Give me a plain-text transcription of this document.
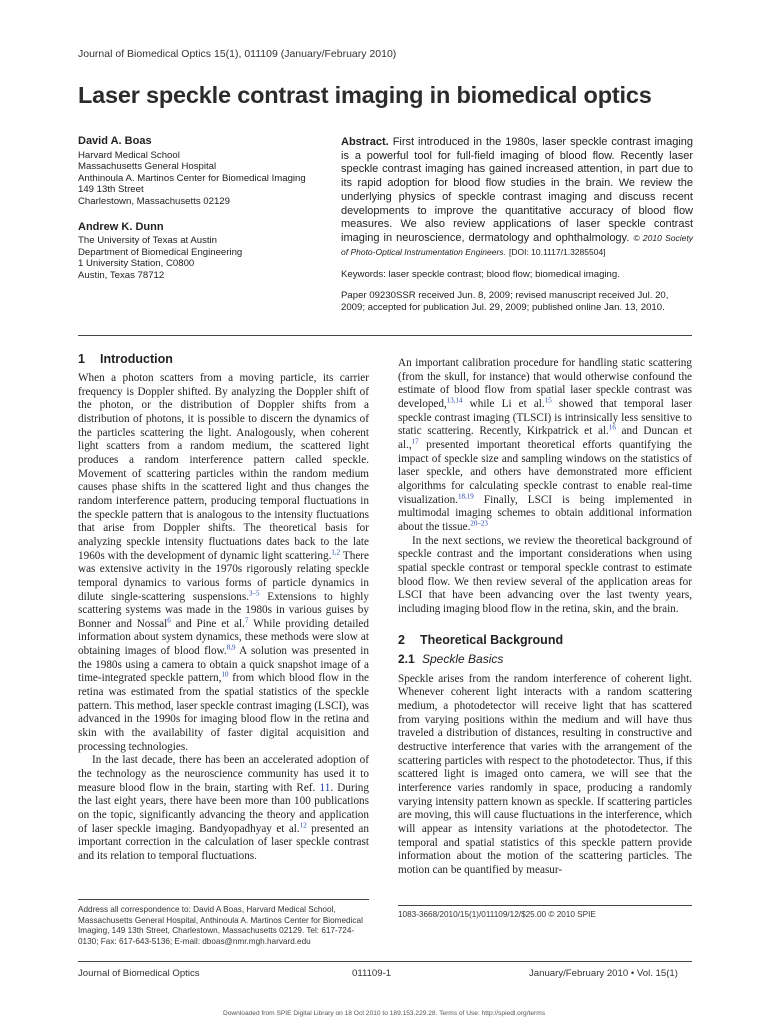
Journal of Biomedical Optics 15(1), 011109 (January/February 2010)
Laser speckle contrast imaging in biomedical optics
David A. Boas
Harvard Medical School
Massachusetts General Hospital
Anthinoula A. Martinos Center for Biomedical Imaging
149 13th Street
Charlestown, Massachusetts 02129
Andrew K. Dunn
The University of Texas at Austin
Department of Biomedical Engineering
1 University Station, C0800
Austin, Texas 78712
Abstract. First introduced in the 1980s, laser speckle contrast imaging is a powerful tool for full-field imaging of blood flow. Recently laser speckle contrast imaging has gained increased attention, in part due to its rapid adoption for blood flow studies in the brain. We review the underlying physics of speckle contrast imaging and discuss recent developments to improve the quantitative accuracy of blood flow measures. We also review applications of laser speckle contrast imaging in neuroscience, dermatology and ophthalmology. © 2010 Society of Photo-Optical Instrumentation Engineers. [DOI: 10.1117/1.3285504]
Keywords: laser speckle contrast; blood flow; biomedical imaging.
Paper 09230SSR received Jun. 8, 2009; revised manuscript received Jul. 20, 2009; accepted for publication Jul. 29, 2009; published online Jan. 13, 2010.
1 Introduction

When a photon scatters from a moving particle, its carrier frequency is Doppler shifted. By analyzing the Doppler shift of the photon, or the distribution of Doppler shifts from a distribution of photons, it is possible to discern the dynamics of the particles scattering the light. Analogously, when coherent light scatters from a random medium, the scattered light produces a random interference pattern called speckle. Movement of scattering particles within the random medium causes phase shifts in the scattered light and thus changes the random interference pattern, producing temporal fluctuations in the speckle pattern that is analogous to the intensity fluctuations that arise from Doppler shifts. The theoretical basis for analyzing speckle intensity fluctuations dates back to the late 1960s with the development of dynamic light scattering.$^{1,2}$ There was extensive activity in the 1970s rigorously relating speckle temporal dynamics to various forms of particle dynamics in dilute single-scattering suspensions.$^{3-5}$ Extensions to highly scattering systems was made in the 1980s in various guises by Bonner and Nossal$^6$ and Pine et al.$^7$ While providing detailed information about system dynamics, these methods were slow at obtaining images of blood flow.$^{8,9}$ A solution was presented in the 1980s using a camera to obtain a quick snapshot image of a time-integrated speckle pattern,$^{10}$ from which blood flow in the retina was estimated from the spatial statistics of the speckle pattern. This method, laser speckle contrast imaging (LSCI), was advanced in the 1990s for imaging blood flow in the retina and skin with the availability of faster digital acquisition and processing technologies.

In the last decade, there has been an accelerated adoption of the technology as the neuroscience community has used it to measure blood flow in the brain, starting with Ref. 11. During the last eight years, there have been more than 100 publications on the topic, significantly advancing the theory and application of laser speckle imaging. Bandyopadhyay et al.$^{12}$ presented an important correction in the calculation of laser speckle contrast and its relation to temporal fluctuations.

An important calibration procedure for handling static scattering (from the skull, for instance) that would otherwise confound the estimate of blood flow from spatial laser speckle contrast was developed,$^{13,14}$ while Li et al.$^{15}$ showed that temporal laser speckle contrast imaging (TLSCI) is intrinsically less sensitive to static scattering. Recently, Kirkpatrick et al.$^{16}$ and Duncan et al.,$^{17}$ presented important theoretical efforts quantifying the impact of speckle size and sampling windows on the statistics of laser speckle, and others have demonstrated more efficient algorithms for calculating speckle contrast to enable real-time visualization.$^{18,19}$ Finally, LSCI is being implemented in multimodal imaging schemes to obtain additional information about the tissue.$^{20-23}$

In the next sections, we review the theoretical background of speckle contrast and the important considerations when using spatial speckle contrast or temporal speckle contrast to estimate blood flow. We then review several of the application areas for LSCI that have been advancing over the last twenty years, including imaging blood flow in the retina, skin, and the brain.

2 Theoretical Background
2.1 Speckle Basics

Speckle arises from the random interference of coherent light. Whenever coherent light interacts with a random scattering medium, a photodetector will receive light that has scattered from varying positions within the medium and will have thus traveled a distribution of distances, resulting in constructive and destructive interference that varies with the arrangement of the scattering particles with respect to the photodetector. Thus, if this scattered light is imaged onto camera, we will see that the interference varies randomly in space, producing a randomly varying intensity pattern known as speckle. If scattering particles are moving, this will cause fluctuations in the interference, which will appear as intensity variations at the photodetector. The temporal and spatial statistics of this speckle pattern provide information about the motion of the scattering particles. The motion can be quantified by measur-

Address all correspondence to: David A Boas, Harvard Medical School, Massachusetts General Hospital, Anthinoula A. Martinos Center for Biomedical Imaging, 149 13th Street, Charlestown, Massachusetts 02129. Tel: 617-724-0130; Fax: 617-643-5136; E-mail: dboas@nmr.mgh.harvard.edu
1083-3668/2010/15(1)/011109/12/$25.00 © 2010 SPIE
Journal of Biomedical Optics	011109-1	January/February 2010 • Vol. 15(1)
Downloaded from SPIE Digital Library on 18 Oct 2010 to 189.153.229.28. Terms of Use: http://spiedl.org/terms
